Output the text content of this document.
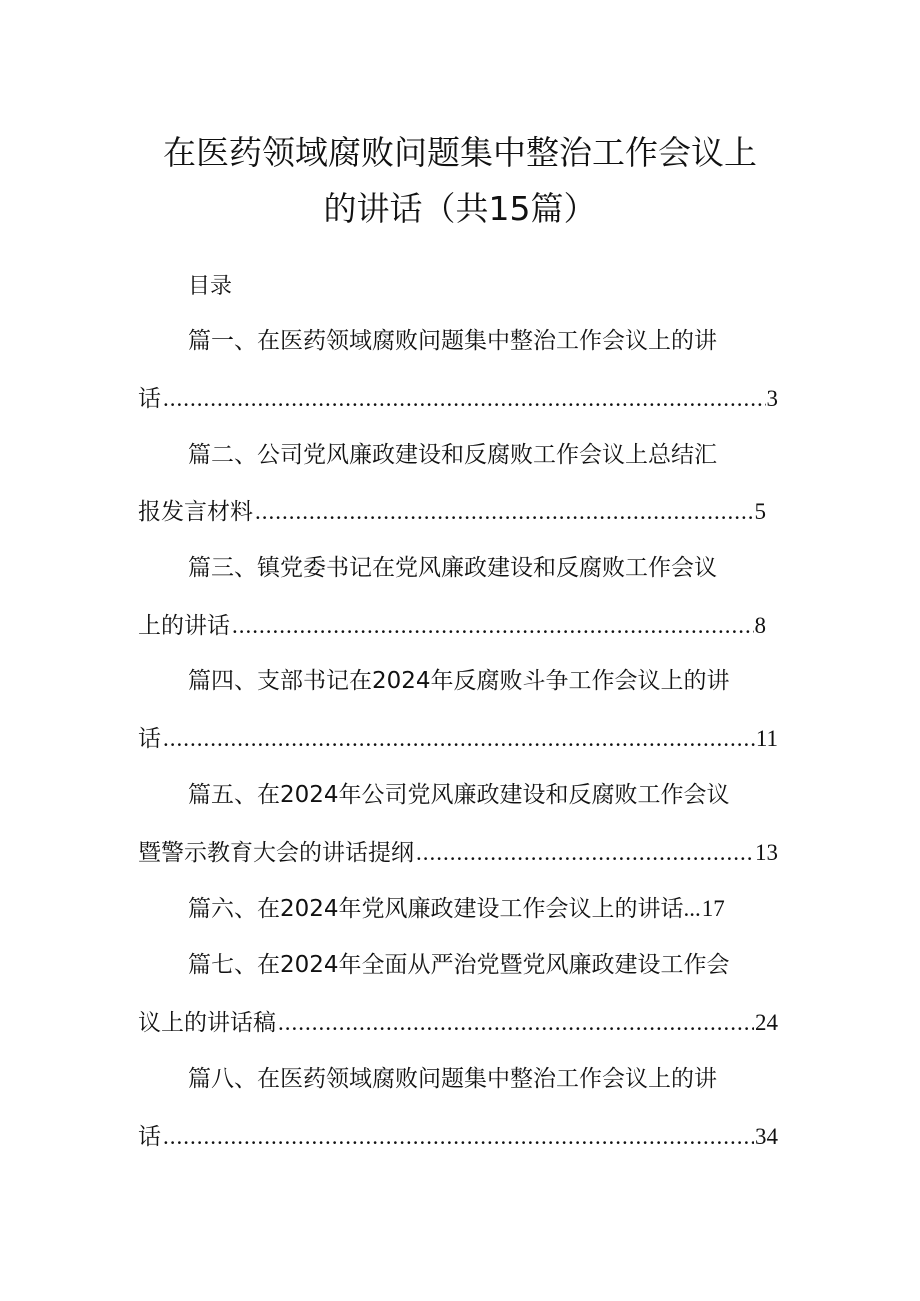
在医药领域腐败问题集中整治工作会议上
的讲话（共15篇）
目录
篇一、在医药领域腐败问题集中整治工作会议上的讲
话 .....	3
篇二、公司党风廉政建设和反腐败工作会议上总结汇
报发言材料 .....	5
篇三、镇党委书记在党风廉政建设和反腐败工作会议
上的讲话 .....	8
篇四、支部书记在2024年反腐败斗争工作会议上的讲
话 .....	11
篇五、在2024年公司党风廉政建设和反腐败工作会议
暨警示教育大会的讲话提纲 .....	13
篇六、在2024年党风廉政建设工作会议上的讲话 ... 17
篇七、在2024年全面从严治党暨党风廉政建设工作会
议上的讲话稿 .....	24
篇八、在医药领域腐败问题集中整治工作会议上的讲
话 .....	34
